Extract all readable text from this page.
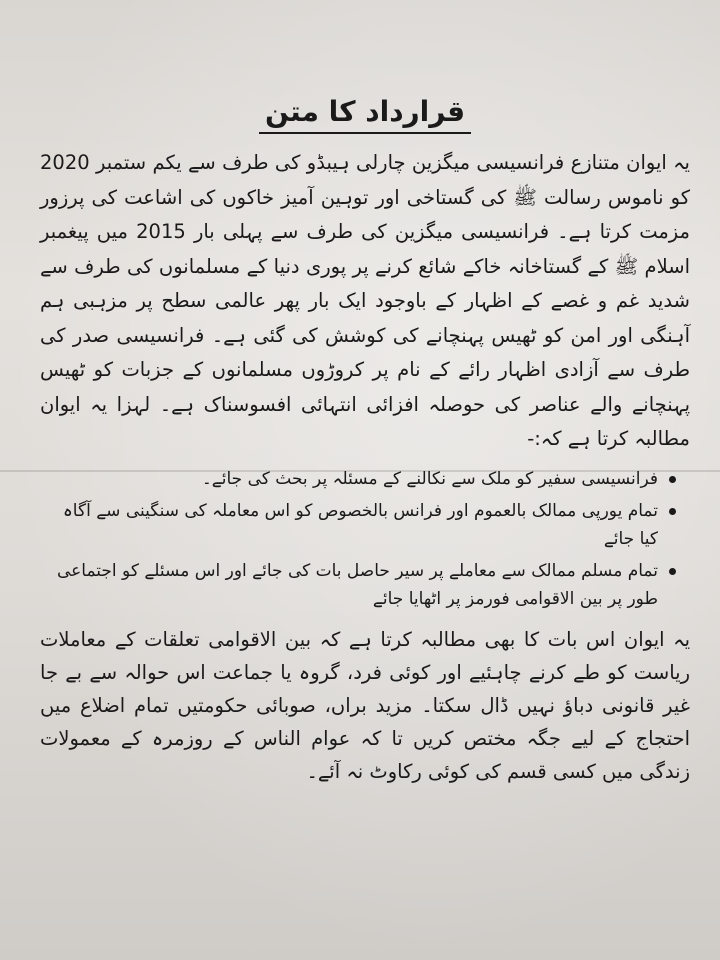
قرارداد کا متن

یہ ایوان متنازع فرانسیسی میگزین چارلی ہیبڈو کی طرف سے یکم ستمبر 2020 کو ناموس رسالت ﷺ کی گستاخی اور توہین آمیز خاکوں کی اشاعت کی پرزور مزمت کرتا ہے۔ فرانسیسی میگزین کی طرف سے پہلی بار 2015 میں پیغمبر اسلام ﷺ کے گستاخانہ خاکے شائع کرنے پر پوری دنیا کے مسلمانوں کی طرف سے شدید غم و غصے کے اظہار کے باوجود ایک بار پھر عالمی سطح پر مزہبی ہم آہنگی اور امن کو ٹھیس پہنچانے کی کوشش کی گئی ہے۔ فرانسیسی صدر کی طرف سے آزادی اظہار رائے کے نام پر کروڑوں مسلمانوں کے جزبات کو ٹھیس پہنچانے والے عناصر کی حوصلہ افزائی انتہائی افسوسناک ہے۔ لہزا یہ ایوان مطالبہ کرتا ہے کہ:-

فرانسیسی سفیر کو ملک سے نکالنے کے مسئلہ پر بحث کی جائے۔
تمام یورپی ممالک بالعموم اور فرانس بالخصوص کو اس معاملہ کی سنگینی سے آگاہ کیا جائے
تمام مسلم ممالک سے معاملے پر سیر حاصل بات کی جائے اور اس مسئلے کو اجتماعی طور پر بین الاقوامی فورمز پر اٹھایا جائے

یہ ایوان اس بات کا بھی مطالبہ کرتا ہے کہ بین الاقوامی تعلقات کے معاملات ریاست کو طے کرنے چاہئیے اور کوئی فرد، گروہ یا جماعت اس حوالہ سے بے جا غیر قانونی دباؤ نہیں ڈال سکتا۔ مزید براں، صوبائی حکومتیں تمام اضلاع میں احتجاج کے لیے جگہ مختص کریں تا کہ عوام الناس کے روزمرہ کے معمولات زندگی میں کسی قسم کی کوئی رکاوٹ نہ آئے۔
